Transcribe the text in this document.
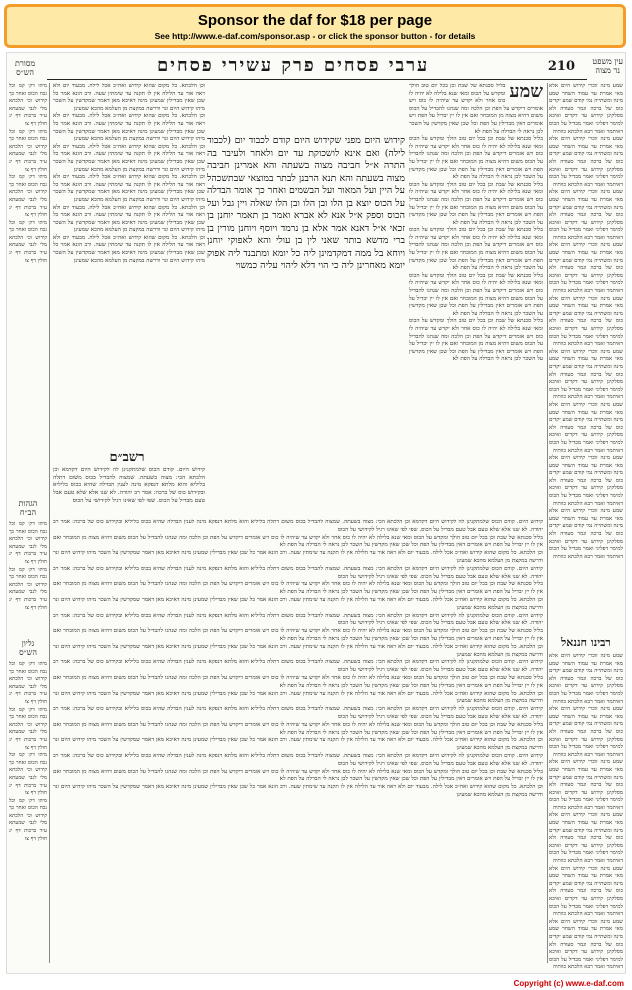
Sponsor the daf for $18 per page
See http://www.e-daf.com/sponsor.asp - or click the sponsor button - for details
מסורת
הש״ס	ערבי פסחים פרק עשירי פסחים	210 עין משפט
נר מצוה

שמע מינה זוכרי קידוש היום אלא מאי אמרת עד עמוד השחר שמע מינה ומשתייה נמי קודם שמע יקדים כוס של ברכה וגמר סעודה ולא מסלקינן קידוש עד דקדים ואיכא למימר דפליגי ואמר מבדיל על הכוס דאיתמר ואמר רבא הלכתא כוותיה

שמע מינה זוכרי קידוש היום אלא מאי אמרת עד עמוד השחר שמע מינה ומשתייה נמי קודם שמע יקדים כוס של ברכה וגמר סעודה ולא מסלקינן קידוש עד דקדים ואיכא למימר דפליגי ואמר מבדיל על הכוס דאיתמר ואמר רבא הלכתא כוותיה

שמע מינה זוכרי קידוש היום אלא מאי אמרת עד עמוד השחר שמע מינה ומשתייה נמי קודם שמע יקדים כוס של ברכה וגמר סעודה ולא מסלקינן קידוש עד דקדים ואיכא למימר דפליגי ואמר מבדיל על הכוס דאיתמר ואמר רבא הלכתא כוותיה

שמע מינה זוכרי קידוש היום אלא מאי אמרת עד עמוד השחר שמע מינה ומשתייה נמי קודם שמע יקדים כוס של ברכה וגמר סעודה ולא מסלקינן קידוש עד דקדים ואיכא למימר דפליגי ואמר מבדיל על הכוס דאיתמר ואמר רבא הלכתא כוותיה

שמע מינה זוכרי קידוש היום אלא מאי אמרת עד עמוד השחר שמע מינה ומשתייה נמי קודם שמע יקדים כוס של ברכה וגמר סעודה ולא מסלקינן קידוש עד דקדים ואיכא למימר דפליגי ואמר מבדיל על הכוס דאיתמר ואמר רבא הלכתא כוותיה

שמע מינה זוכרי קידוש היום אלא מאי אמרת עד עמוד השחר שמע מינה ומשתייה נמי קודם שמע יקדים כוס של ברכה וגמר סעודה ולא מסלקינן קידוש עד דקדים ואיכא למימר דפליגי ואמר מבדיל על הכוס דאיתמר ואמר רבא הלכתא כוותיה

שמע מינה זוכרי קידוש היום אלא מאי אמרת עד עמוד השחר שמע מינה ומשתייה נמי קודם שמע יקדים כוס של ברכה וגמר סעודה ולא מסלקינן קידוש עד דקדים ואיכא למימר דפליגי ואמר מבדיל על הכוס דאיתמר ואמר רבא הלכתא כוותיה

שמע מינה זוכרי קידוש היום אלא מאי אמרת עד עמוד השחר שמע מינה ומשתייה נמי קודם שמע יקדים כוס של ברכה וגמר סעודה ולא מסלקינן קידוש עד דקדים ואיכא למימר דפליגי ואמר מבדיל על הכוס דאיתמר ואמר רבא הלכתא כוותיה

שמע מינה זוכרי קידוש היום אלא מאי אמרת עד עמוד השחר שמע מינה ומשתייה נמי קודם שמע יקדים כוס של ברכה וגמר סעודה ולא מסלקינן קידוש עד דקדים ואיכא למימר דפליגי ואמר מבדיל על הכוס דאיתמר ואמר רבא הלכתא כוותיה

רבינו חננאל

שמע מינה זוכרי קידוש היום אלא מאי אמרת עד עמוד השחר שמע מינה ומשתייה נמי קודם שמע יקדים כוס של ברכה וגמר סעודה ולא מסלקינן קידוש עד דקדים ואיכא למימר דפליגי ואמר מבדיל על הכוס דאיתמר ואמר רבא הלכתא כוותיה

שמע מינה זוכרי קידוש היום אלא מאי אמרת עד עמוד השחר שמע מינה ומשתייה נמי קודם שמע יקדים כוס של ברכה וגמר סעודה ולא מסלקינן קידוש עד דקדים ואיכא למימר דפליגי ואמר מבדיל על הכוס דאיתמר ואמר רבא הלכתא כוותיה

שמע מינה זוכרי קידוש היום אלא מאי אמרת עד עמוד השחר שמע מינה ומשתייה נמי קודם שמע יקדים כוס של ברכה וגמר סעודה ולא מסלקינן קידוש עד דקדים ואיכא למימר דפליגי ואמר מבדיל על הכוס דאיתמר ואמר רבא הלכתא כוותיה

שמע מינה זוכרי קידוש היום אלא מאי אמרת עד עמוד השחר שמע מינה ומשתייה נמי קודם שמע יקדים כוס של ברכה וגמר סעודה ולא מסלקינן קידוש עד דקדים ואיכא למימר דפליגי ואמר מבדיל על הכוס דאיתמר ואמר רבא הלכתא כוותיה

שמע מינה זוכרי קידוש היום אלא מאי אמרת עד עמוד השחר שמע מינה ומשתייה נמי קודם שמע יקדים כוס של ברכה וגמר סעודה ולא מסלקינן קידוש עד דקדים ואיכא למימר דפליגי ואמר מבדיל על הכוס דאיתמר ואמר רבא הלכתא כוותיה

שמע מינה זוכרי קידוש היום אלא מאי אמרת עד עמוד השחר שמע מינה ומשתייה נמי קודם שמע יקדים כוס של ברכה וגמר סעודה ולא מסלקינן קידוש עד דקדים ואיכא למימר דפליגי ואמר מבדיל על הכוס דאיתמר ואמר רבא הלכתא כוותיה

מיהו דק׳ קמ וכל נכח הכוס ואחר כך קידוש וכי הלכתא מלי לגבי שמעתא ע״ד ברכות דף יג חולין דף צו

מיהו דק׳ קמ וכל נכח הכוס ואחר כך קידוש וכי הלכתא מלי לגבי שמעתא ע״ד ברכות דף יג חולין דף צו

מיהו דק׳ קמ וכל נכח הכוס ואחר כך קידוש וכי הלכתא מלי לגבי שמעתא ע״ד ברכות דף יג חולין דף צו

מיהו דק׳ קמ וכל נכח הכוס ואחר כך קידוש וכי הלכתא מלי לגבי שמעתא ע״ד ברכות דף יג חולין דף צו

הגהות
הב״ח

מיהו דק׳ קמ וכל נכח הכוס ואחר כך קידוש וכי הלכתא מלי לגבי שמעתא ע״ד ברכות דף יג חולין דף צו

מיהו דק׳ קמ וכל נכח הכוס ואחר כך קידוש וכי הלכתא מלי לגבי שמעתא ע״ד ברכות דף יג חולין דף צו

גליון
הש״ס

מיהו דק׳ קמ וכל נכח הכוס ואחר כך קידוש וכי הלכתא מלי לגבי שמעתא ע״ד ברכות דף יג חולין דף צו

מיהו דק׳ קמ וכל נכח הכוס ואחר כך קידוש וכי הלכתא מלי לגבי שמעתא ע״ד ברכות דף יג חולין דף צו

מיהו דק׳ קמ וכל נכח הכוס ואחר כך קידוש וכי הלכתא מלי לגבי שמעתא ע״ד ברכות דף יג חולין דף צו

מיהו דק׳ קמ וכל נכח הכוס ואחר כך קידוש וכי הלכתא מלי לגבי שמעתא ע״ד ברכות דף יג חולין דף צו

שמע
בליל סכנתא של שבת וכן בכל יום טוב הולך ומקדש על הכוס ומאי שנא בלילה לא יהיה לו כוס אחר ולא יקדש עד שיהיה לו כוס ויש אומרים דיקדש על הפת וכן הלכה ומה שנהגו להבדיל על הכוס משום דהיא מצוה מן המובחר ואם אין לו יין יבדיל על הפת ויש אומרים דאין מבדילין על הפת וכל שכן שאין מקדשין על השכר לכן נראה לי הבדלה על הפת לא

בליל סכנתא של שבת וכן בכל יום טוב הולך ומקדש על הכוס ומאי שנא בלילה לא יהיה לו כוס אחר ולא יקדש עד שיהיה לו כוס ויש אומרים דיקדש על הפת וכן הלכה ומה שנהגו להבדיל על הכוס משום דהיא מצוה מן המובחר ואם אין לו יין יבדיל על הפת ויש אומרים דאין מבדילין על הפת וכל שכן שאין מקדשין על השכר לכן נראה לי הבדלה על הפת לא

בליל סכנתא של שבת וכן בכל יום טוב הולך ומקדש על הכוס ומאי שנא בלילה לא יהיה לו כוס אחר ולא יקדש עד שיהיה לו כוס ויש אומרים דיקדש על הפת וכן הלכה ומה שנהגו להבדיל על הכוס משום דהיא מצוה מן המובחר ואם אין לו יין יבדיל על הפת ויש אומרים דאין מבדילין על הפת וכל שכן שאין מקדשין על השכר לכן נראה לי הבדלה על הפת לא

בליל סכנתא של שבת וכן בכל יום טוב הולך ומקדש על הכוס ומאי שנא בלילה לא יהיה לו כוס אחר ולא יקדש עד שיהיה לו כוס ויש אומרים דיקדש על הפת וכן הלכה ומה שנהגו להבדיל על הכוס משום דהיא מצוה מן המובחר ואם אין לו יין יבדיל על הפת ויש אומרים דאין מבדילין על הפת וכל שכן שאין מקדשין על השכר לכן נראה לי הבדלה על הפת לא

בליל סכנתא של שבת וכן בכל יום טוב הולך ומקדש על הכוס ומאי שנא בלילה לא יהיה לו כוס אחר ולא יקדש עד שיהיה לו כוס ויש אומרים דיקדש על הפת וכן הלכה ומה שנהגו להבדיל על הכוס משום דהיא מצוה מן המובחר ואם אין לו יין יבדיל על הפת ויש אומרים דאין מבדילין על הפת וכל שכן שאין מקדשין על השכר לכן נראה לי הבדלה על הפת לא

בליל סכנתא של שבת וכן בכל יום טוב הולך ומקדש על הכוס ומאי שנא בלילה לא יהיה לו כוס אחר ולא יקדש עד שיהיה לו כוס ויש אומרים דיקדש על הפת וכן הלכה ומה שנהגו להבדיל על הכוס משום דהיא מצוה מן המובחר ואם אין לו יין יבדיל על הפת ויש אומרים דאין מבדילין על הפת וכל שכן שאין מקדשין על השכר לכן נראה לי הבדלה על הפת לא

וכן הלכתא. כל מקום שהוא קידוש ואח״כ אכל לילה. מבעוד יום ולא ראה אור עד הלילה אין לו תקנה עד שימתין שעה. ורב הונא אמר כל שכן שאין מבדילין שמעינן מינה דאיכא מאן דאמר שמקדשין על השכר מיהו קידוש היום ונר ודרשה במקצת מן העלמא מהכא שמעינן

וכן הלכתא. כל מקום שהוא קידוש ואח״כ אכל לילה. מבעוד יום ולא ראה אור עד הלילה אין לו תקנה עד שימתין שעה. ורב הונא אמר כל שכן שאין מבדילין שמעינן מינה דאיכא מאן דאמר שמקדשין על השכר מיהו קידוש היום ונר ודרשה במקצת מן העלמא מהכא שמעינן

וכן הלכתא. כל מקום שהוא קידוש ואח״כ אכל לילה. מבעוד יום ולא ראה אור עד הלילה אין לו תקנה עד שימתין שעה. ורב הונא אמר כל שכן שאין מבדילין שמעינן מינה דאיכא מאן דאמר שמקדשין על השכר מיהו קידוש היום ונר ודרשה במקצת מן העלמא מהכא שמעינן

וכן הלכתא. כל מקום שהוא קידוש ואח״כ אכל לילה. מבעוד יום ולא ראה אור עד הלילה אין לו תקנה עד שימתין שעה. ורב הונא אמר כל שכן שאין מבדילין שמעינן מינה דאיכא מאן דאמר שמקדשין על השכר מיהו קידוש היום ונר ודרשה במקצת מן העלמא מהכא שמעינן

וכן הלכתא. כל מקום שהוא קידוש ואח״כ אכל לילה. מבעוד יום ולא ראה אור עד הלילה אין לו תקנה עד שימתין שעה. ורב הונא אמר כל שכן שאין מבדילין שמעינן מינה דאיכא מאן דאמר שמקדשין על השכר מיהו קידוש היום ונר ודרשה במקצת מן העלמא מהכא שמעינן

וכן הלכתא. כל מקום שהוא קידוש ואח״כ אכל לילה. מבעוד יום ולא ראה אור עד הלילה אין לו תקנה עד שימתין שעה. ורב הונא אמר כל שכן שאין מבדילין שמעינן מינה דאיכא מאן דאמר שמקדשין על השכר מיהו קידוש היום ונר ודרשה במקצת מן העלמא מהכא שמעינן

קידוש היום מפני שקידוש היום קודם לכבוד יום (לכבוד לילה) ואם אינא לושכוקת עד יום ולאחר ולעיבר בה התרה א״ל חביבה מצוה בשעתה והא אמרינן חביבה מצוה בשעתה והא תנא הרבנן לבתר במוצאי שבתשכהל על היין ועל המאור ועל הבשמים ואחר כך אומר הבדלה על הכוס יוצא בן הלו ובן הלו ובן הלו שאלה ויין גבל ועל הכוס וספק א״ל אנא לא אברא ואמר בן תאמר יוחנן בן זכאי א״ל דאנא אמר אלא בן נרמד ויוסף ויוחנן מורין בן ברי מדשא בותר שאני לין בן עולי והא לאפוקי יוחנן ויוחא בל ממה דמקדמינן ליה כל יומא ומתבנד ליה אפוק יומא מאחרינן ליה כי הוי דלא ליהוי עליה כמשוי
רשב״ם

קידוש היום. קודם הכוס שלמתקנינן לה לקידוש היום דקדמא וכן הלכתא הכי: מצוה בשעתה. שמצוה להבדיל בכוס משום דתלה בליליא והוא מלתא דנפקא מינה לענין הבדלה שהיא בכוס בליליא ובקידוש כוס של ברכה: אמר רב יהודה. לא שנו אלא שלא טעם אבל טעם מבדיל על הכוס. שפי לפי שאינו רגיל לקידושי על הכוס

קידוש היום. קודם הכוס שלמתקנינן לה לקידוש היום דקדמא וכן הלכתא הכי: מצוה בשעתה. שמצוה להבדיל בכוס משום דתלה בליליא והוא מלתא דנפקא מינה לענין הבדלה שהיא בכוס בליליא ובקידוש כוס של ברכה: אמר רב יהודה. לא שנו אלא שלא טעם אבל טעם מבדיל על הכוס. שפי לפי שאינו רגיל לקידושי על הכוס

בליל סכנתא של שבת וכן בכל יום טוב הולך ומקדש על הכוס ומאי שנא בלילה לא יהיה לו כוס אחר ולא יקדש עד שיהיה לו כוס ויש אומרים דיקדש על הפת וכן הלכה ומה שנהגו להבדיל על הכוס משום דהיא מצוה מן המובחר ואם אין לו יין יבדיל על הפת ויש אומרים דאין מבדילין על הפת וכל שכן שאין מקדשין על השכר לכן נראה לי הבדלה על הפת לא

וכן הלכתא. כל מקום שהוא קידוש ואח״כ אכל לילה. מבעוד יום ולא ראה אור עד הלילה אין לו תקנה עד שימתין שעה. ורב הונא אמר כל שכן שאין מבדילין שמעינן מינה דאיכא מאן דאמר שמקדשין על השכר מיהו קידוש היום ונר ודרשה במקצת מן העלמא מהכא שמעינן

קידוש היום. קודם הכוס שלמתקנינן לה לקידוש היום דקדמא וכן הלכתא הכי: מצוה בשעתה. שמצוה להבדיל בכוס משום דתלה בליליא והוא מלתא דנפקא מינה לענין הבדלה שהיא בכוס בליליא ובקידוש כוס של ברכה: אמר רב יהודה. לא שנו אלא שלא טעם אבל טעם מבדיל על הכוס. שפי לפי שאינו רגיל לקידושי על הכוס

בליל סכנתא של שבת וכן בכל יום טוב הולך ומקדש על הכוס ומאי שנא בלילה לא יהיה לו כוס אחר ולא יקדש עד שיהיה לו כוס ויש אומרים דיקדש על הפת וכן הלכה ומה שנהגו להבדיל על הכוס משום דהיא מצוה מן המובחר ואם אין לו יין יבדיל על הפת ויש אומרים דאין מבדילין על הפת וכל שכן שאין מקדשין על השכר לכן נראה לי הבדלה על הפת לא

וכן הלכתא. כל מקום שהוא קידוש ואח״כ אכל לילה. מבעוד יום ולא ראה אור עד הלילה אין לו תקנה עד שימתין שעה. ורב הונא אמר כל שכן שאין מבדילין שמעינן מינה דאיכא מאן דאמר שמקדשין על השכר מיהו קידוש היום ונר ודרשה במקצת מן העלמא מהכא שמעינן

קידוש היום. קודם הכוס שלמתקנינן לה לקידוש היום דקדמא וכן הלכתא הכי: מצוה בשעתה. שמצוה להבדיל בכוס משום דתלה בליליא והוא מלתא דנפקא מינה לענין הבדלה שהיא בכוס בליליא ובקידוש כוס של ברכה: אמר רב יהודה. לא שנו אלא שלא טעם אבל טעם מבדיל על הכוס. שפי לפי שאינו רגיל לקידושי על הכוס

בליל סכנתא של שבת וכן בכל יום טוב הולך ומקדש על הכוס ומאי שנא בלילה לא יהיה לו כוס אחר ולא יקדש עד שיהיה לו כוס ויש אומרים דיקדש על הפת וכן הלכה ומה שנהגו להבדיל על הכוס משום דהיא מצוה מן המובחר ואם אין לו יין יבדיל על הפת ויש אומרים דאין מבדילין על הפת וכל שכן שאין מקדשין על השכר לכן נראה לי הבדלה על הפת לא

וכן הלכתא. כל מקום שהוא קידוש ואח״כ אכל לילה. מבעוד יום ולא ראה אור עד הלילה אין לו תקנה עד שימתין שעה. ורב הונא אמר כל שכן שאין מבדילין שמעינן מינה דאיכא מאן דאמר שמקדשין על השכר מיהו קידוש היום ונר ודרשה במקצת מן העלמא מהכא שמעינן

קידוש היום. קודם הכוס שלמתקנינן לה לקידוש היום דקדמא וכן הלכתא הכי: מצוה בשעתה. שמצוה להבדיל בכוס משום דתלה בליליא והוא מלתא דנפקא מינה לענין הבדלה שהיא בכוס בליליא ובקידוש כוס של ברכה: אמר רב יהודה. לא שנו אלא שלא טעם אבל טעם מבדיל על הכוס. שפי לפי שאינו רגיל לקידושי על הכוס

בליל סכנתא של שבת וכן בכל יום טוב הולך ומקדש על הכוס ומאי שנא בלילה לא יהיה לו כוס אחר ולא יקדש עד שיהיה לו כוס ויש אומרים דיקדש על הפת וכן הלכה ומה שנהגו להבדיל על הכוס משום דהיא מצוה מן המובחר ואם אין לו יין יבדיל על הפת ויש אומרים דאין מבדילין על הפת וכל שכן שאין מקדשין על השכר לכן נראה לי הבדלה על הפת לא

וכן הלכתא. כל מקום שהוא קידוש ואח״כ אכל לילה. מבעוד יום ולא ראה אור עד הלילה אין לו תקנה עד שימתין שעה. ורב הונא אמר כל שכן שאין מבדילין שמעינן מינה דאיכא מאן דאמר שמקדשין על השכר מיהו קידוש היום ונר ודרשה במקצת מן העלמא מהכא שמעינן

קידוש היום. קודם הכוס שלמתקנינן לה לקידוש היום דקדמא וכן הלכתא הכי: מצוה בשעתה. שמצוה להבדיל בכוס משום דתלה בליליא והוא מלתא דנפקא מינה לענין הבדלה שהיא בכוס בליליא ובקידוש כוס של ברכה: אמר רב יהודה. לא שנו אלא שלא טעם אבל טעם מבדיל על הכוס. שפי לפי שאינו רגיל לקידושי על הכוס

בליל סכנתא של שבת וכן בכל יום טוב הולך ומקדש על הכוס ומאי שנא בלילה לא יהיה לו כוס אחר ולא יקדש עד שיהיה לו כוס ויש אומרים דיקדש על הפת וכן הלכה ומה שנהגו להבדיל על הכוס משום דהיא מצוה מן המובחר ואם אין לו יין יבדיל על הפת ויש אומרים דאין מבדילין על הפת וכל שכן שאין מקדשין על השכר לכן נראה לי הבדלה על הפת לא

וכן הלכתא. כל מקום שהוא קידוש ואח״כ אכל לילה. מבעוד יום ולא ראה אור עד הלילה אין לו תקנה עד שימתין שעה. ורב הונא אמר כל שכן שאין מבדילין שמעינן מינה דאיכא מאן דאמר שמקדשין על השכר מיהו קידוש היום ונר ודרשה במקצת מן העלמא מהכא שמעינן

קידוש היום. קודם הכוס שלמתקנינן לה לקידוש היום דקדמא וכן הלכתא הכי: מצוה בשעתה. שמצוה להבדיל בכוס משום דתלה בליליא והוא מלתא דנפקא מינה לענין הבדלה שהיא בכוס בליליא ובקידוש כוס של ברכה: אמר רב יהודה. לא שנו אלא שלא טעם אבל טעם מבדיל על הכוס. שפי לפי שאינו רגיל לקידושי על הכוס

בליל סכנתא של שבת וכן בכל יום טוב הולך ומקדש על הכוס ומאי שנא בלילה לא יהיה לו כוס אחר ולא יקדש עד שיהיה לו כוס ויש אומרים דיקדש על הפת וכן הלכה ומה שנהגו להבדיל על הכוס משום דהיא מצוה מן המובחר ואם אין לו יין יבדיל על הפת ויש אומרים דאין מבדילין על הפת וכל שכן שאין מקדשין על השכר לכן נראה לי הבדלה על הפת לא

וכן הלכתא. כל מקום שהוא קידוש ואח״כ אכל לילה. מבעוד יום ולא ראה אור עד הלילה אין לו תקנה עד שימתין שעה. ורב הונא אמר כל שכן שאין מבדילין שמעינן מינה דאיכא מאן דאמר שמקדשין על השכר מיהו קידוש היום ונר ודרשה במקצת מן העלמא מהכא שמעינן

Copyright (c) www.e-daf.com
